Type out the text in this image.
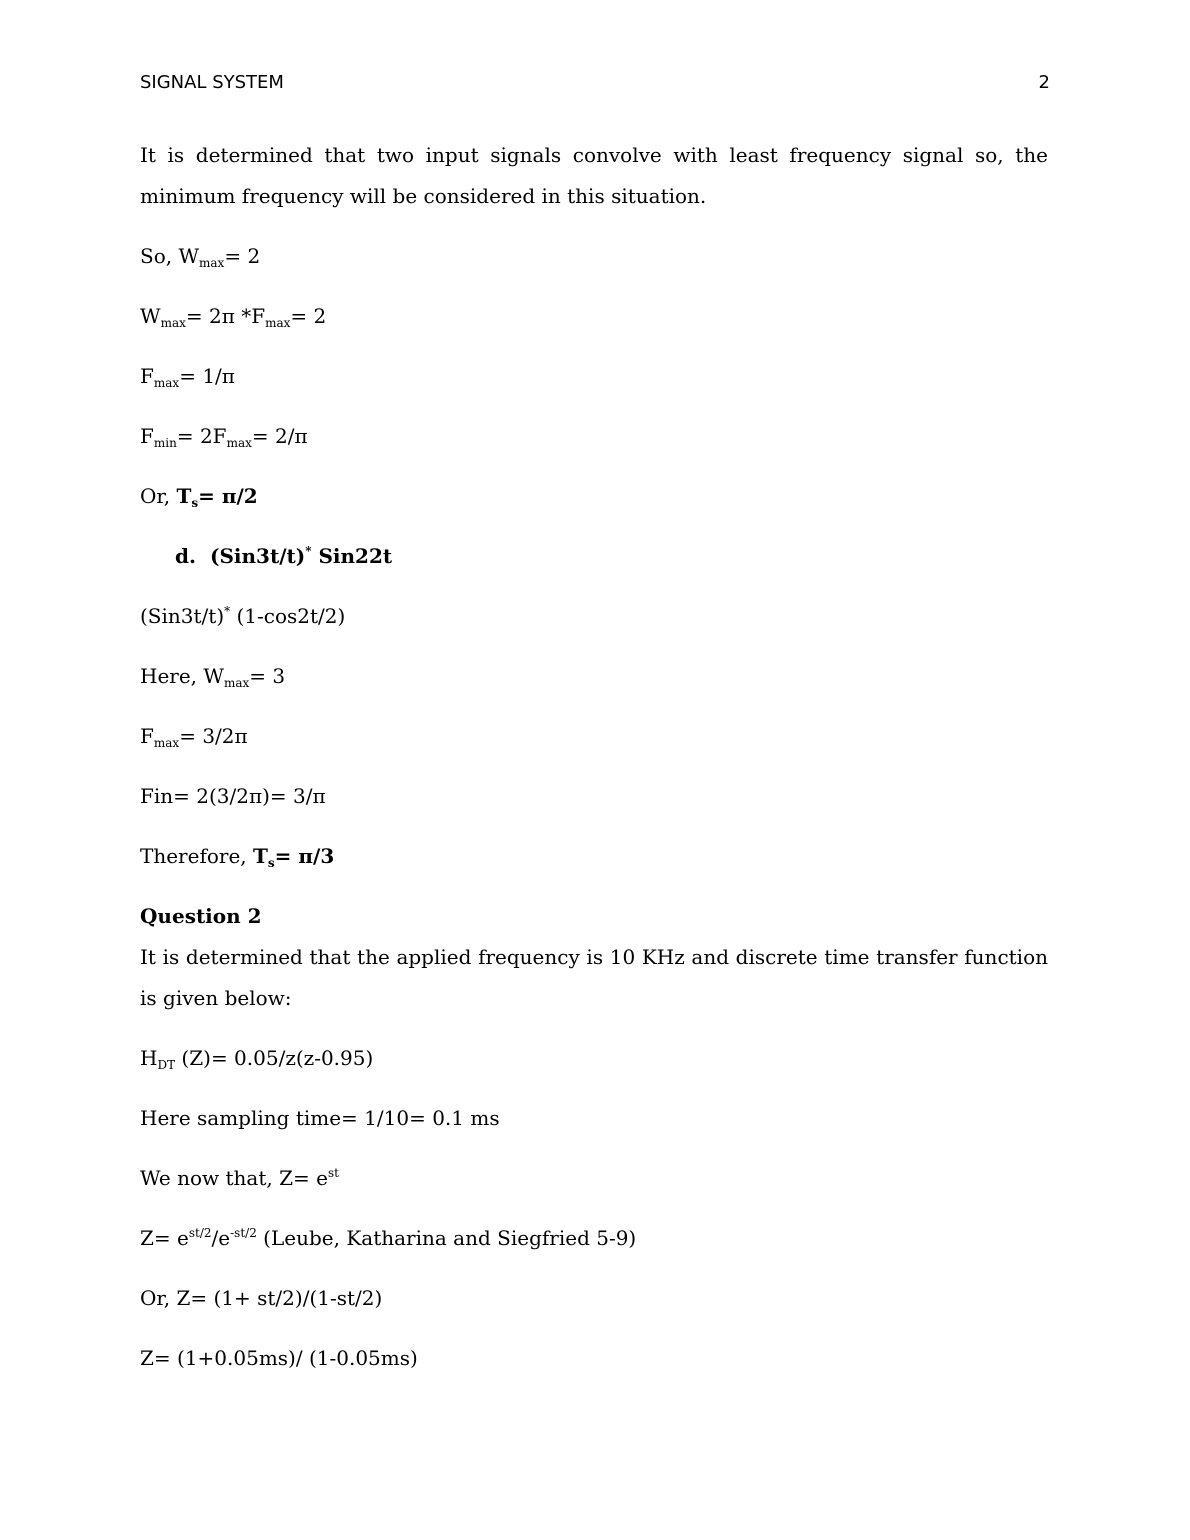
SIGNAL SYSTEM	2

It is determined that two input signals convolve with least frequency signal so, the minimum frequency will be considered in this situation.

So, $W_{max}= 2$

$W_{max}= 2\pi$ $*F_{max}= 2$

$F_{max}= 1/\pi$

$F_{min}= 2F_{max}= 2/\pi$

Or, $T_s= \pi/2$

d. (Sin3t/t)* Sin22t

(Sin3t/t)* (1-cos2t/2)

Here, $W_{max}= 3$

$F_{max}= 3/2\pi$

Fin= 2(3/2π)= 3/π

Therefore, $T_s= \pi/3$

Question 2

It is determined that the applied frequency is 10 KHz and discrete time transfer function is given below:

$H_{DT}$ (Z)= 0.05/z(z-0.95)

Here sampling time= 1/10= 0.1 ms

We now that, $Z= e^{st}$

$Z= e^{st/2}/e^{-st/2}$ (Leube, Katharina and Siegfried 5-9)

Or, Z= (1+ st/2)/(1-st/2)

Z= (1+0.05ms)/ (1-0.05ms)
